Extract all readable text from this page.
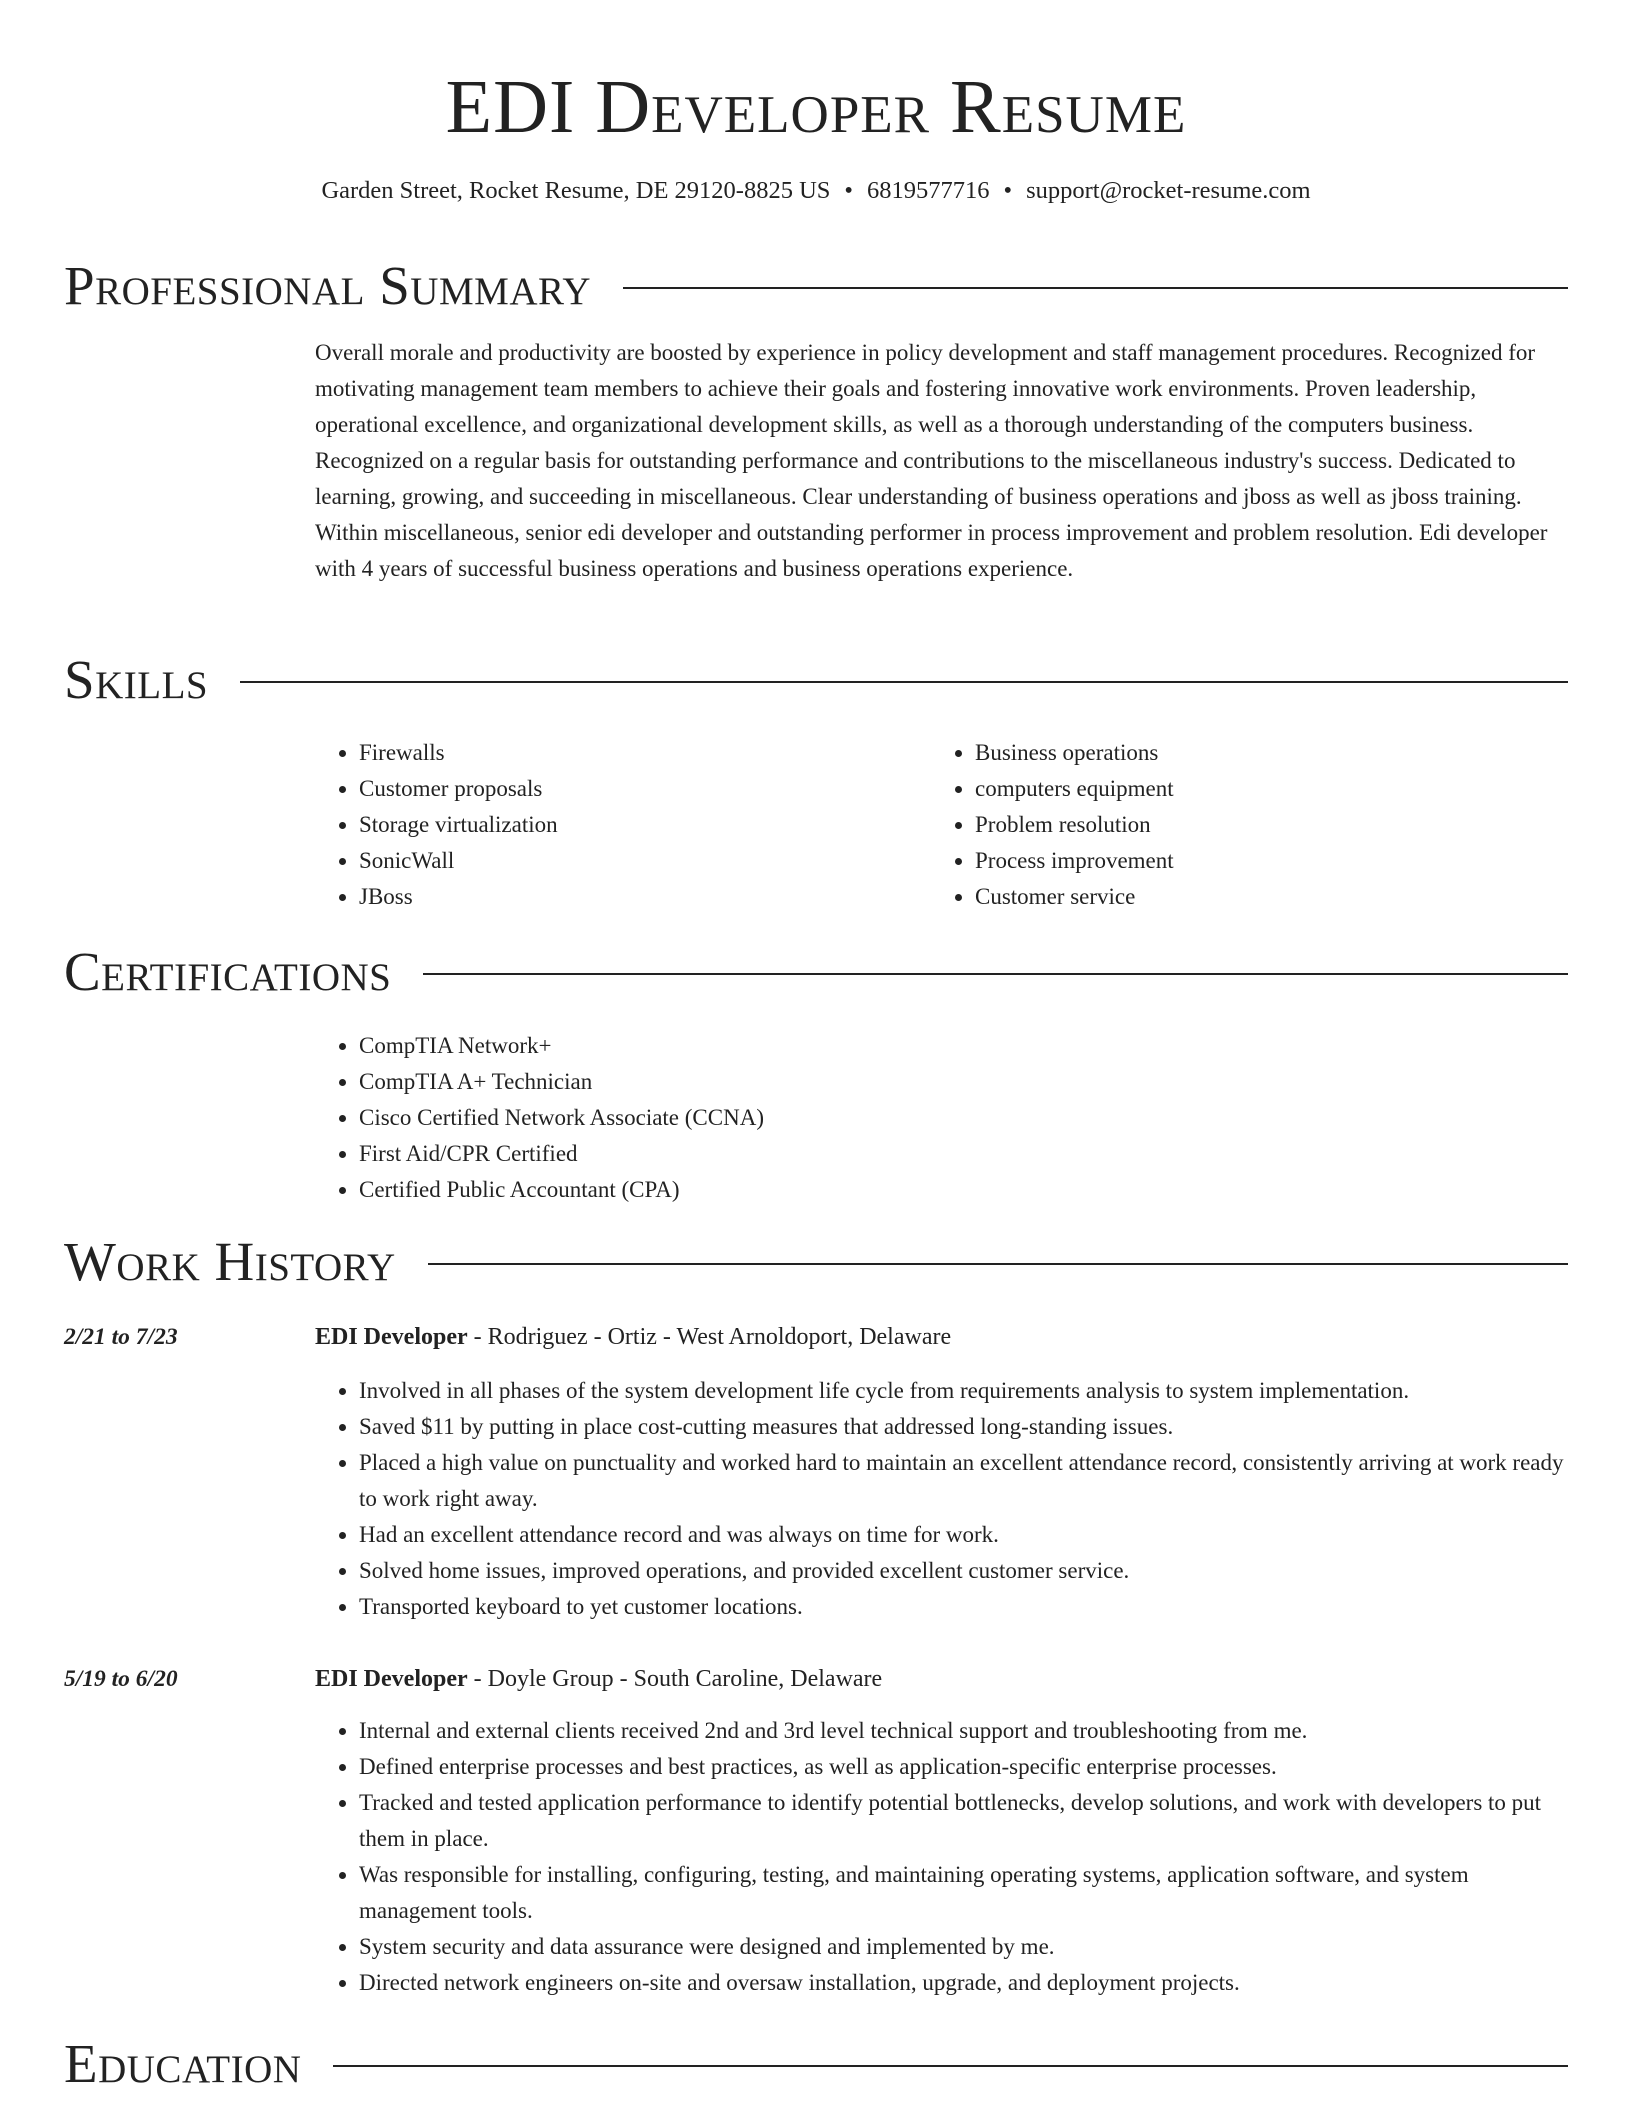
EDI Developer Resume
Garden Street, Rocket Resume, DE 29120-8825 US • 6819577716 • support@rocket-resume.com
Professional Summary

Overall morale and productivity are boosted by experience in policy development and staff management procedures. Recognized for motivating management team members to achieve their goals and fostering innovative work environments. Proven leadership, operational excellence, and organizational development skills, as well as a thorough understanding of the computers business. Recognized on a regular basis for outstanding performance and contributions to the miscellaneous industry's success. Dedicated to learning, growing, and succeeding in miscellaneous. Clear understanding of business operations and jboss as well as jboss training. Within miscellaneous, senior edi developer and outstanding performer in process improvement and problem resolution. Edi developer with 4 years of successful business operations and business operations experience.

Skills
• Firewalls
• Customer proposals
• Storage virtualization
• SonicWall
• JBoss
• Business operations
• computers equipment
• Problem resolution
• Process improvement
• Customer service
Certifications
• CompTIA Network+
• CompTIA A+ Technician
• Cisco Certified Network Associate (CCNA)
• First Aid/CPR Certified
• Certified Public Accountant (CPA)
Work History
2/21 to 7/23	EDI Developer - Rodriguez - Ortiz - West Arnoldoport, Delaware
• Involved in all phases of the system development life cycle from requirements analysis to system implementation.
• Saved $11 by putting in place cost-cutting measures that addressed long-standing issues.
• Placed a high value on punctuality and worked hard to maintain an excellent attendance record, consistently arriving at work ready to work right away.
• Had an excellent attendance record and was always on time for work.
• Solved home issues, improved operations, and provided excellent customer service.
• Transported keyboard to yet customer locations.
5/19 to 6/20	EDI Developer - Doyle Group - South Caroline, Delaware
• Internal and external clients received 2nd and 3rd level technical support and troubleshooting from me.
• Defined enterprise processes and best practices, as well as application-specific enterprise processes.
• Tracked and tested application performance to identify potential bottlenecks, develop solutions, and work with developers to put them in place.
• Was responsible for installing, configuring, testing, and maintaining operating systems, application software, and system management tools.
• System security and data assurance were designed and implemented by me.
• Directed network engineers on-site and oversaw installation, upgrade, and deployment projects.
Education
